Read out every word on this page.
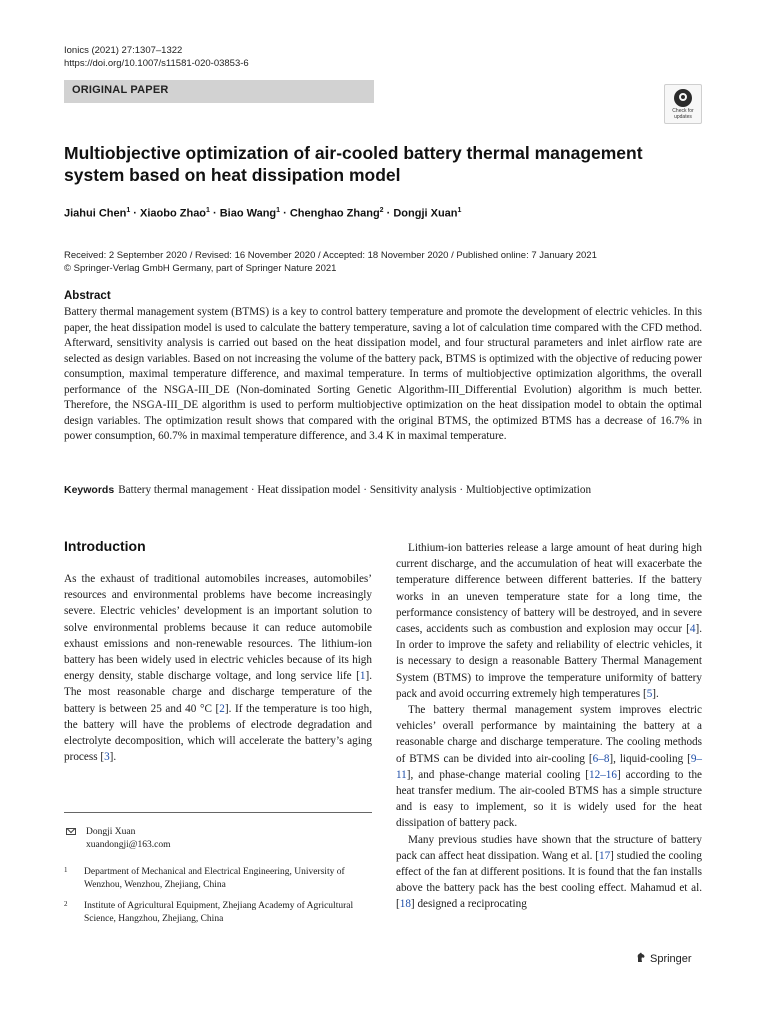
Ionics (2021) 27:1307–1322
https://doi.org/10.1007/s11581-020-03853-6
ORIGINAL PAPER
Check for
updates
Multiobjective optimization of air-cooled battery thermal management system based on heat dissipation model
Jiahui Chen$^1$ · Xiaobo Zhao$^1$ · Biao Wang$^1$ · Chenghao Zhang$^2$ · Dongji Xuan$^1$
Received: 2 September 2020 / Revised: 16 November 2020 / Accepted: 18 November 2020 / Published online: 7 January 2021
© Springer-Verlag GmbH Germany, part of Springer Nature 2021
Abstract
Battery thermal management system (BTMS) is a key to control battery temperature and promote the development of electric vehicles. In this paper, the heat dissipation model is used to calculate the battery temperature, saving a lot of calculation time compared with the CFD method. Afterward, sensitivity analysis is carried out based on the heat dissipation model, and four structural parameters and inlet airflow rate are selected as design variables. Based on not increasing the volume of the battery pack, BTMS is optimized with the objective of reducing power consumption, maximal temperature difference, and maximal temperature. In terms of multiobjective optimization algorithms, the overall performance of the NSGA-III_DE (Non-dominated Sorting Genetic Algorithm-III_Differential Evolution) algorithm is much better. Therefore, the NSGA-III_DE algorithm is used to perform multiobjective optimization on the heat dissipation model to obtain the optimal design variables. The optimization result shows that compared with the original BTMS, the optimized BTMS has a decrease of 16.7% in power consumption, 60.7% in maximal temperature difference, and 3.4 K in maximal temperature.
Keywords Battery thermal management · Heat dissipation model · Sensitivity analysis · Multiobjective optimization
Introduction

As the exhaust of traditional automobiles increases, automobiles’ resources and environmental problems have become increasingly severe. Electric vehicles’ development is an important solution to solve environmental problems because it can reduce automobile exhaust emissions and non-renewable resources. The lithium-ion battery has been widely used in electric vehicles because of its high energy density, stable discharge voltage, and long service life [1]. The most reasonable charge and discharge temperature of the battery is between 25 and 40 °C [2]. If the temperature is too high, the battery will have the problems of electrode degradation and electrolyte decomposition, which will accelerate the battery’s aging process [3].

Lithium-ion batteries release a large amount of heat during high current discharge, and the accumulation of heat will exacerbate the temperature difference between different batteries. If the battery works in an uneven temperature state for a long time, the performance consistency of battery will be destroyed, and in severe cases, accidents such as combustion and explosion may occur [4]. In order to improve the safety and reliability of electric vehicles, it is necessary to design a reasonable Battery Thermal Management System (BTMS) to improve the temperature uniformity of battery pack and avoid occurring extremely high temperatures [5].

The battery thermal management system improves electric vehicles’ overall performance by maintaining the battery at a reasonable charge and discharge temperature. The cooling methods of BTMS can be divided into air-cooling [6–8], liquid-cooling [9–11], and phase-change material cooling [12–16] according to the heat transfer medium. The air-cooled BTMS has a simple structure and is easy to implement, so it is widely used for the heat dissipation of battery pack.

Many previous studies have shown that the structure of battery pack can affect heat dissipation. Wang et al. [17] studied the cooling effect of the fan at different positions. It is found that the fan installs above the battery pack has the best cooling effect. Mahamud et al. [18] designed a reciprocating

Dongji Xuan
xuandongji@163.com
1 Department of Mechanical and Electrical Engineering, University of Wenzhou, Wenzhou, Zhejiang, China
2 Institute of Agricultural Equipment, Zhejiang Academy of Agricultural Science, Hangzhou, Zhejiang, China
Springer
